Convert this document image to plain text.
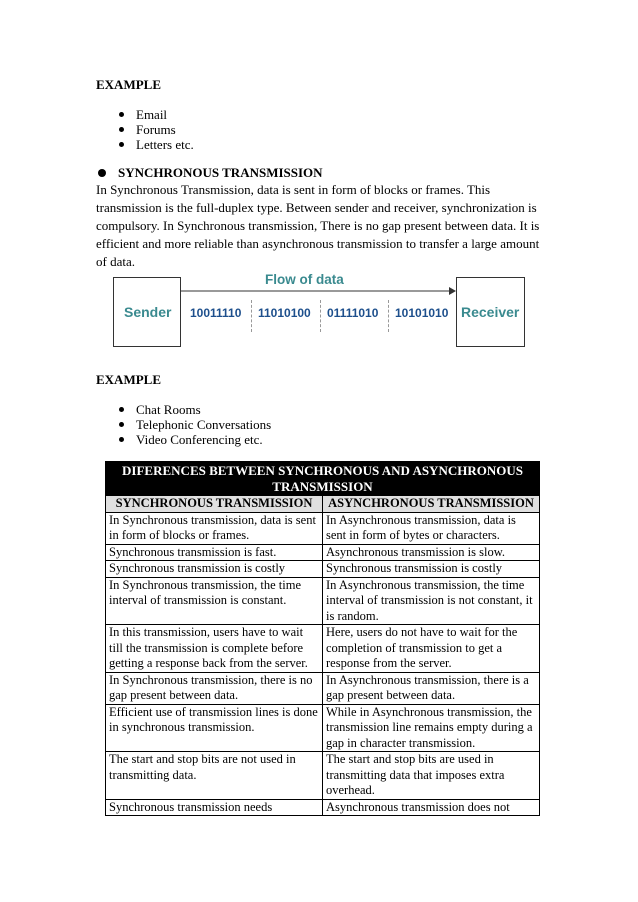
EXAMPLE
Email
Forums
Letters etc.
SYNCHRONOUS TRANSMISSION
In Synchronous Transmission, data is sent in form of blocks or frames. This
transmission is the full-duplex type. Between sender and receiver, synchronization is
compulsory. In Synchronous transmission, There is no gap present between data. It is
efficient and more reliable than asynchronous transmission to transfer a large amount
of data.
Flow of data
Sender	Receiver
10011110 11010100 01111010 10101010
EXAMPLE
Chat Rooms
Telephonic Conversations
Video Conferencing etc.
DIFERENCES BETWEEN SYNCHRONOUS AND ASYNCHRONOUS TRANSMISSION	
SYNCHRONOUS TRANSMISSION	ASYNCHRONOUS TRANSMISSION
In Synchronous transmission, data is sent in form of blocks or frames.	In Asynchronous transmission, data is sent in form of bytes or characters.
Synchronous transmission is fast.	Asynchronous transmission is slow.
Synchronous transmission is costly	Synchronous transmission is costly
In Synchronous transmission, the time interval of transmission is constant.	In Asynchronous transmission, the time interval of transmission is not constant, it is random.
In this transmission, users have to wait till the transmission is complete before getting a response back from the server.	Here, users do not have to wait for the completion of transmission to get a response from the server.
In Synchronous transmission, there is no gap present between data.	In Asynchronous transmission, there is a gap present between data.
Efficient use of transmission lines is done in synchronous transmission.	While in Asynchronous transmission, the transmission line remains empty during a gap in character transmission.
The start and stop bits are not used in transmitting data.	The start and stop bits are used in transmitting data that imposes extra overhead.
Synchronous transmission needs	Asynchronous transmission does not
